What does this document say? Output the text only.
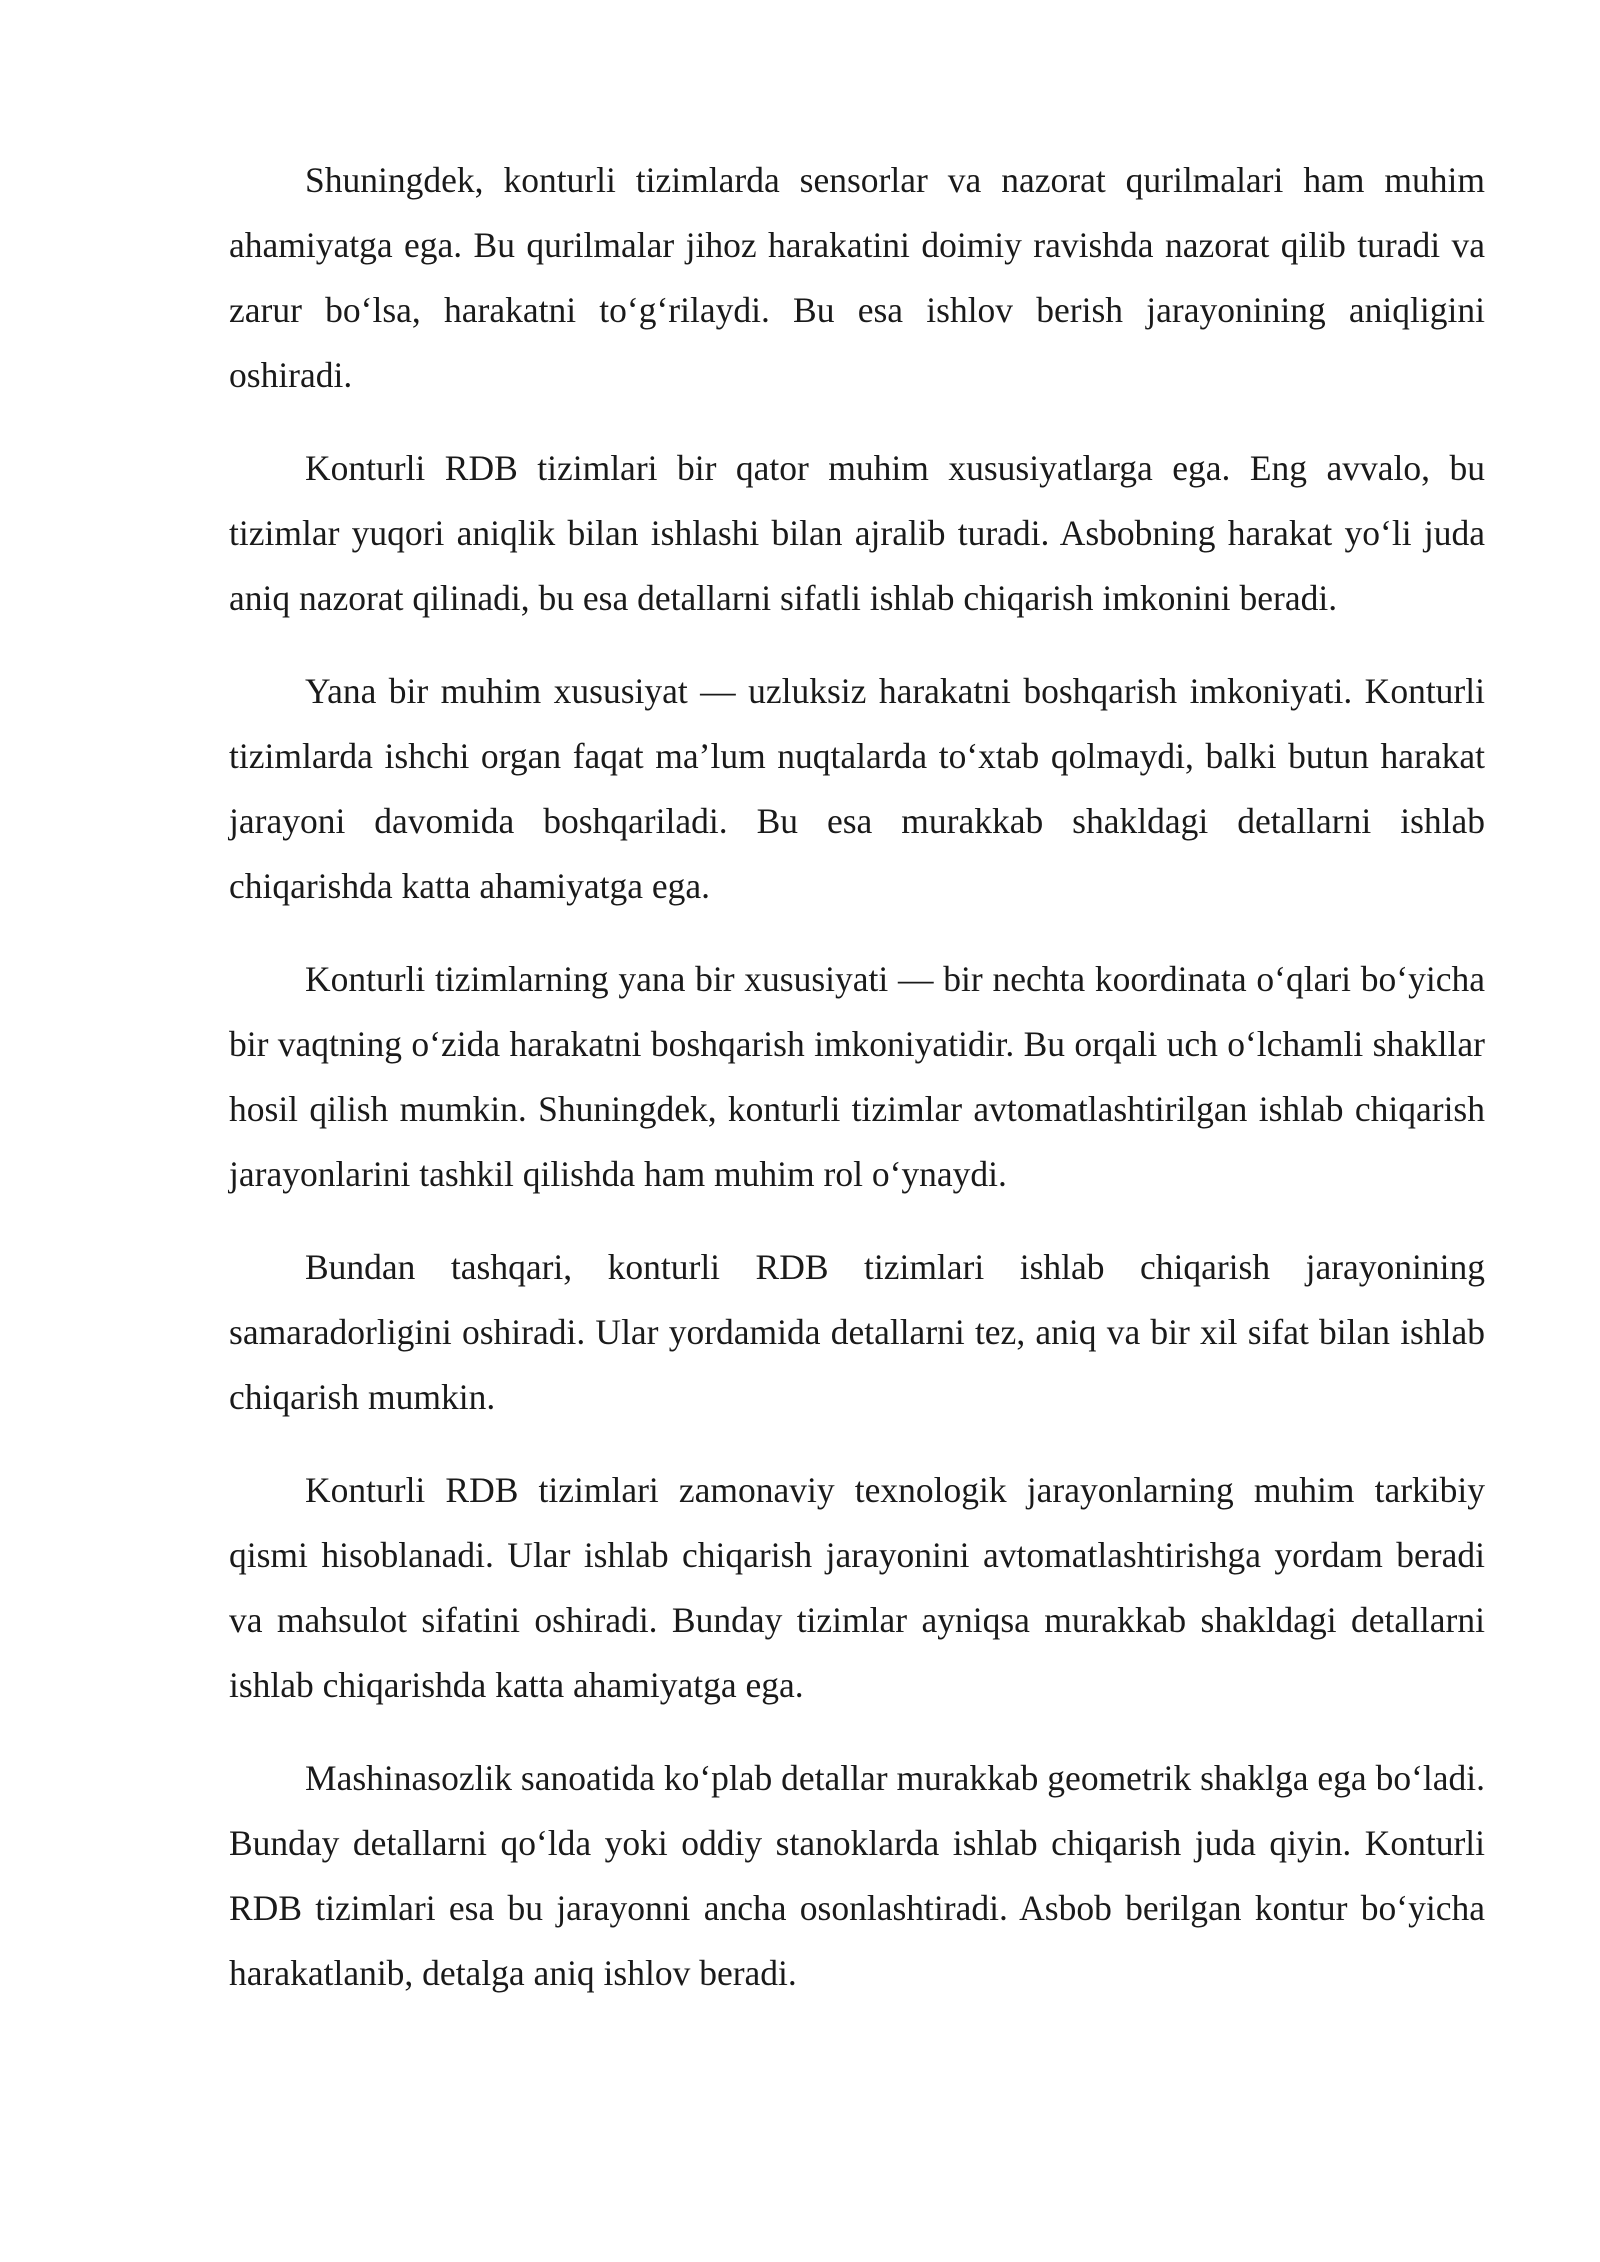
Shuningdek, konturli tizimlarda sensorlar va nazorat qurilmalari ham muhim ahamiyatga ega. Bu qurilmalar jihoz harakatini doimiy ravishda nazorat qilib turadi va zarur bo‘lsa, harakatni to‘g‘rilaydi. Bu esa ishlov berish jarayonining aniqligini oshiradi.

Konturli RDB tizimlari bir qator muhim xususiyatlarga ega. Eng avvalo, bu tizimlar yuqori aniqlik bilan ishlashi bilan ajralib turadi. Asbobning harakat yo‘li juda aniq nazorat qilinadi, bu esa detallarni sifatli ishlab chiqarish imkonini beradi.

Yana bir muhim xususiyat — uzluksiz harakatni boshqarish imkoniyati. Konturli tizimlarda ishchi organ faqat ma’lum nuqtalarda to‘xtab qolmaydi, balki butun harakat jarayoni davomida boshqariladi. Bu esa murakkab shakldagi detallarni ishlab chiqarishda katta ahamiyatga ega.

Konturli tizimlarning yana bir xususiyati — bir nechta koordinata o‘qlari bo‘yicha bir vaqtning o‘zida harakatni boshqarish imkoniyatidir. Bu orqali uch o‘lchamli shakllar hosil qilish mumkin. Shuningdek, konturli tizimlar avtomatlashtirilgan ishlab chiqarish jarayonlarini tashkil qilishda ham muhim rol o‘ynaydi.

Bundan tashqari, konturli RDB tizimlari ishlab chiqarish jarayonining samaradorligini oshiradi. Ular yordamida detallarni tez, aniq va bir xil sifat bilan ishlab chiqarish mumkin.

Konturli RDB tizimlari zamonaviy texnologik jarayonlarning muhim tarkibiy qismi hisoblanadi. Ular ishlab chiqarish jarayonini avtomatlashtirishga yordam beradi va mahsulot sifatini oshiradi. Bunday tizimlar ayniqsa murakkab shakldagi detallarni ishlab chiqarishda katta ahamiyatga ega.

Mashinasozlik sanoatida ko‘plab detallar murakkab geometrik shaklga ega bo‘ladi. Bunday detallarni qo‘lda yoki oddiy stanoklarda ishlab chiqarish juda qiyin. Konturli RDB tizimlari esa bu jarayonni ancha osonlashtiradi. Asbob berilgan kontur bo‘yicha harakatlanib, detalga aniq ishlov beradi.
